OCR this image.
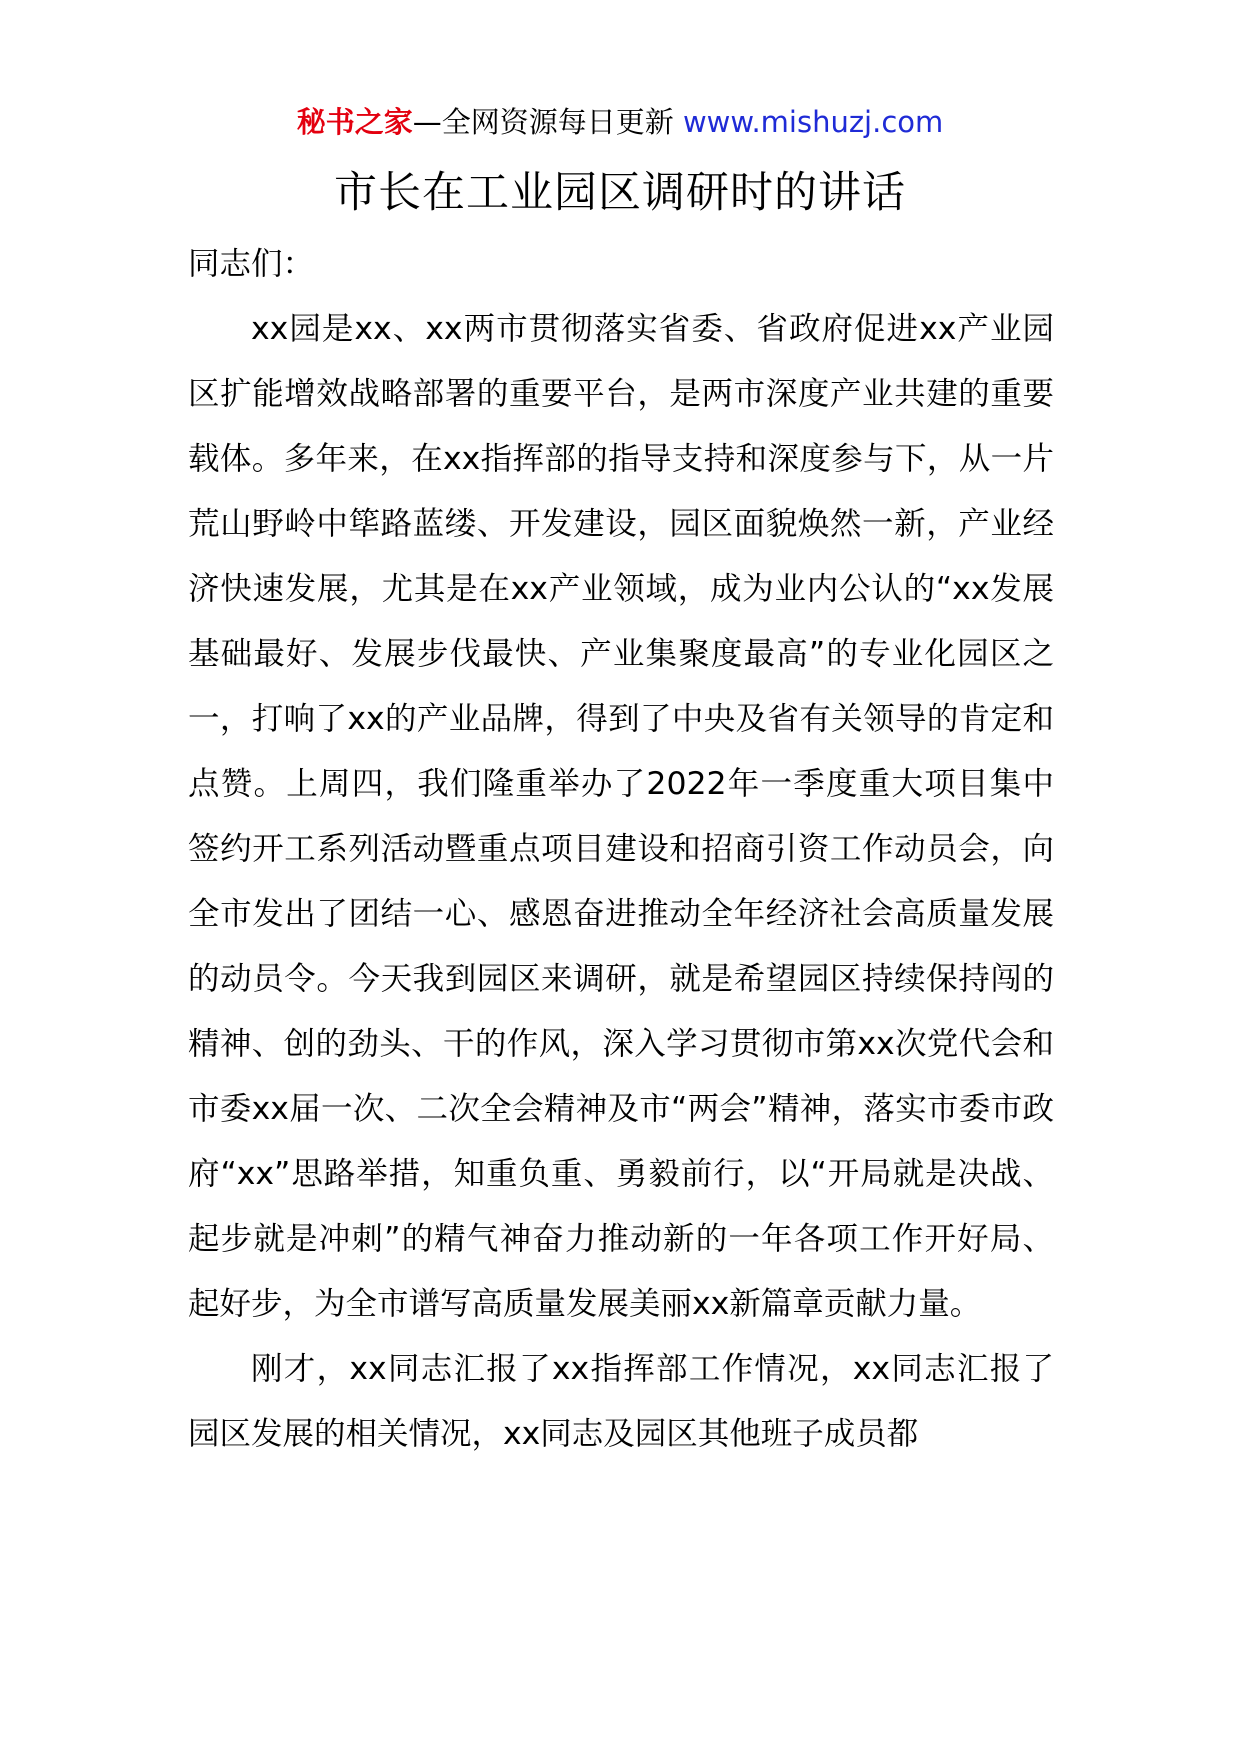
秘书之家—全网资源每日更新 www.mishuzj.com
市长在工业园区调研时的讲话

同志们：

xx园是xx、xx两市贯彻落实省委、省政府促进xx产业园区扩能增效战略部署的重要平台，是两市深度产业共建的重要载体。多年来，在xx指挥部的指导支持和深度参与下，从一片荒山野岭中筚路蓝缕、开发建设，园区面貌焕然一新，产业经济快速发展，尤其是在xx产业领域，成为业内公认的“xx发展基础最好、发展步伐最快、产业集聚度最高”的专业化园区之一，打响了xx的产业品牌，得到了中央及省有关领导的肯定和点赞。上周四，我们隆重举办了2022年一季度重大项目集中签约开工系列活动暨重点项目建设和招商引资工作动员会，向全市发出了团结一心、感恩奋进推动全年经济社会高质量发展的动员令。今天我到园区来调研，就是希望园区持续保持闯的精神、创的劲头、干的作风，深入学习贯彻市第xx次党代会和市委xx届一次、二次全会精神及市“两会”精神，落实市委市政府“xx”思路举措，知重负重、勇毅前行，以“开局就是决战、起步就是冲刺”的精气神奋力推动新的一年各项工作开好局、起好步，为全市谱写高质量发展美丽xx新篇章贡献力量。

刚才，xx同志汇报了xx指挥部工作情况，xx同志汇报了园区发展的相关情况，xx同志及园区其他班子成员都
